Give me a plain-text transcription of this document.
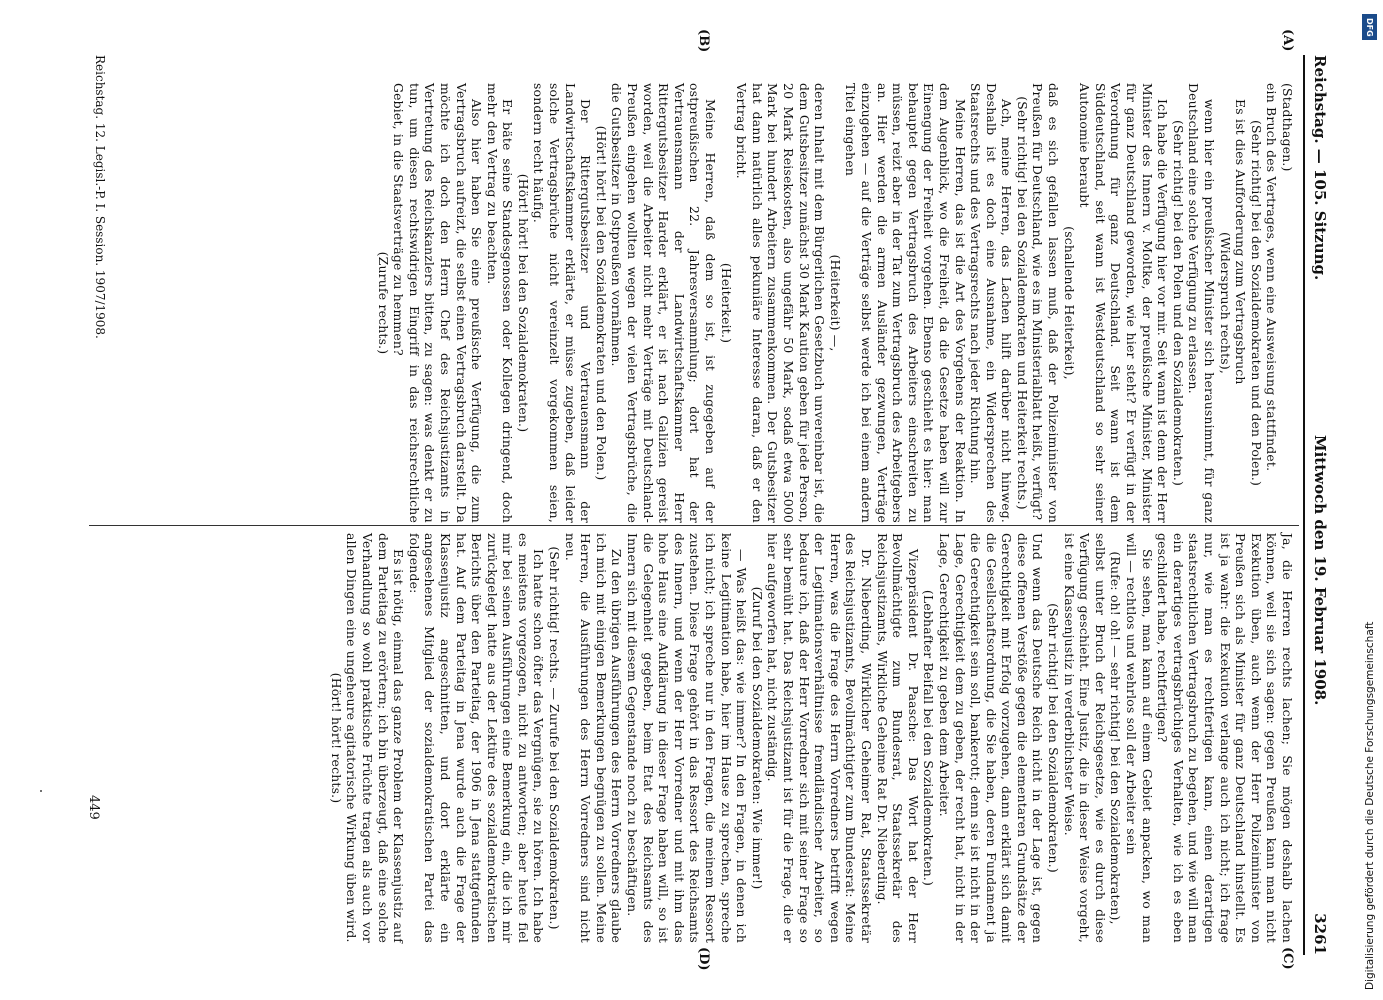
Reichstag. — 105. Sitzung.
Mittwoch den 19. Februar 1908.
3261
(A)
(B)
(C)
(D)

(Stadthagen.)

ein Bruch des Vertrages, wenn eine Ausweisung stattfindet.

(Sehr richtig! bei den Sozialdemokraten und den Polen.)

Es ist dies Aufforderung zum Vertragsbruch

(Widerspruch rechts),

wenn hier ein preußischer Minister sich herausnimmt, für ganz Deutschland eine solche Verfügung zu erlassen.

(Sehr richtig! bei den Polen und den Sozialdemokraten.)

Ich habe die Verfügung hier vor mir. Seit wann ist denn der Herr Minister des Innern v. Moltke, der preußische Minister, Minister für ganz Deutschland geworden, wie hier steht? Er verfügt in der Verordnung für ganz Deutschland. Seit wann ist dem Süddeutschland, seit wann ist Westdeutschland so sehr seiner Autonomie beraubt

(schallende Heiterkeit),

daß es sich gefallen lassen muß, daß der Polizeiminister von Preußen für Deutschland, wie es im Ministerialblatt heißt, verfügt?

(Sehr richtig! bei den Sozialdemokraten und Heiterkeit rechts.)

Ach, meine Herren, das Lachen hilft darüber nicht hinweg. Deshalb ist es doch eine Ausnahme, ein Widersprechen des Staatsrechts und des Vertragsrechts nach jeder Richtung hin.

Meine Herren, das ist die Art des Vorgehens der Reaktion. In dem Augenblick, wo die Freiheit, da die Gesetze haben will zur Einengung der Freiheit vorgehen. Ebenso geschieht es hier: man behauptet gegen Vertragsbruch des Arbeiters einschreiten zu müssen, reizt aber in der Tat zum Vertragsbruch des Arbeitgebers an. Hier werden die armen Ausländer gezwungen, Verträge einzugehen — auf die Verträge selbst werde ich bei einem andern Titel eingehen

(Heiterkeit) —,

deren Inhalt mit dem Bürgerlichen Gesetzbuch unvereinbar ist, die dem Gutsbesitzer zunächst 30 Mark Kaution geben für jede Person, 20 Mark Reisekosten, also ungefähr 50 Mark, sodaß etwa 5000 Mark bei hundert Arbeitern zusammenkommen. Der Gutsbesitzer hat dann natürlich alles pekuniäre Interesse daran, daß er den Vertrag bricht.

(Heiterkeit.)

Meine Herren, daß dem so ist, ist zugegeben auf der ostpreußischen 22. Jahresversammlung; dort hat der Vertrauensmann der Landwirtschaftskammer Herr Rittergutsbesitzer Harder erklärt, er ist nach Galizien gereist worden, weil die Arbeiter nicht mehr Verträge mit Deutschland-Preußen eingehen wollten wegen der vielen Vertragsbrüche, die die Gutsbesitzer in Ostpreußen vornähmen.

(Hört! hört! bei den Sozialdemokraten und den Polen.)

Der Rittergutsbesitzer und Vertrauensmann der Landwirtschaftskammer erklärte, er müsse zugeben, daß leider solche Vertragsbrüche nicht vereinzelt vorgekommen seien, sondern recht häufig.

(Hört! hört! bei den Sozialdemokraten.)

Er bäte seine Standesgenossen oder Kollegen dringend, doch mehr den Vertrag zu beachten.

Also hier haben Sie eine preußische Verfügung, die zum Vertragsbruch aufreizt, die selbst einen Vertragsbruch darstellt. Da möchte ich doch den Herrn Chef des Reichsjustizamts in Vertretung des Reichskanzlers bitten, zu sagen: was denkt er zu tun, um diesen rechtswidrigen Eingriff in das reichsrechtliche Gebiet, in die Staatsverträge zu hemmen?

(Zurufe rechts.)

Ja, die Herren rechts lachen; Sie mögen deshalb lachen können, weil sie sich sagen: gegen Preußen kann man nicht Exekution üben, auch wenn der Herr Polizeiminister von Preußen sich als Minister für ganz Deutschland hinstellt. Es ist ja wahr: die Exekution verlange auch ich nicht; ich frage nur, wie man es rechtfertigen kann, einen derartigen staatsrechtlichen Vertragsbruch zu begehen, und wie will man ein derartiges vertragsbrüchiges Verhalten, wie ich es eben geschildert habe, rechtfertigen?

Sie sehen, man kann auf einem Gebiet anpacken, wo man will — rechtlos und wehrlos soll der Arbeiter sein

(Rufe: oh! oh! — sehr richtig! bei den Sozialdemokraten),

selbst unter Bruch der Reichsgesetze, wie es durch diese Verfügung geschieht. Eine Justiz, die in dieser Weise vorgeht, ist eine Klassenjustiz in verderblichster Weise.

(Sehr richtig! bei den Sozialdemokraten.)

Und wenn das Deutsche Reich nicht in der Lage ist, gegen diese offenen Verstöße gegen die elementaren Grundsätze der Gerechtigkeit mit Erfolg vorzugehen, dann erklärt sich damit die Gesellschaftsordnung, die Sie haben, deren Fundament ja die Gerechtigkeit sein soll, bankerott; denn sie ist nicht in der Lage, Gerechtigkeit dem zu geben, der recht hat, nicht in der Lage, Gerechtigkeit zu geben dem Arbeiter.

(Lebhafter Beifall bei den Sozialdemokraten.)

Vizepräsident Dr. Paasche: Das Wort hat der Herr Bevollmächtigte zum Bundesrat, Staatssekretär des Reichsjustizamts, Wirkliche Geheime Rat Dr. Nieberding.

Dr. Nieberding, Wirklicher Geheimer Rat, Staatssekretär des Reichsjustizamts, Bevollmächtigter zum Bundesrat: Meine Herren, was die Frage des Herrn Vorredners betrifft wegen der Legitimationsverhältnisse fremdländischer Arbeiter, so bedaure ich, daß der Herr Vorredner sich mit seiner Frage so sehr bemüht hat. Das Reichsjustizamt ist für die Frage, die er hier aufgeworfen hat, nicht zuständig.

(Zuruf bei den Sozialdemokraten: Wie immer!)

— Was heißt das: wie immer? In den Fragen, in denen ich keine Legitimation habe, hier im Hause zu sprechen, spreche ich nicht; ich spreche nur in den Fragen, die meinem Ressort zustehen. Diese Frage gehört in das Ressort des Reichsamts des Innern, und wenn der Herr Vorredner und mit ihm das hohe Haus eine Aufklärung in dieser Frage haben will, so ist die Gelegenheit gegeben, beim Etat des Reichsamts des Innern sich mit diesem Gegenstande noch zu beschäftigen.

Zu den übrigen Ausführungen des Herrn Vorredners glaube ich mich mit einigen Bemerkungen begnügen zu sollen. Meine Herren, die Ausführungen des Herrn Vorredners sind nicht neu.

(Sehr richtig! rechts. — Zurufe bei den Sozialdemokraten.)

Ich hatte schon öfter das Vergnügen, sie zu hören. Ich habe es meistens vorgezogen, nicht zu antworten; aber heute fiel mir bei seinen Ausführungen eine Bemerkung ein, die ich mir zurückgelegt hatte aus der Lektüre des sozialdemokratischen Berichts über den Parteitag, der 1906 in Jena stattgefunden hat. Auf dem Parteitag in Jena wurde auch die Frage der Klassenjustiz angeschnitten, und dort erklärte ein angesehenes Mitglied der sozialdemokratischen Partei das folgende:

Es ist nötig, einmal das ganze Problem der Klassenjustiz auf dem Parteitag zu erörtern; ich bin überzeugt, daß eine solche Verhandlung so wohl praktische Früchte tragen als auch vor allen Dingen eine ungeheure agitatorische Wirkung üben wird.

(Hört! hört! rechts.)

Reichstag. 12. Legisl.-P. I. Session. 1907/1908.
449
DFG
Digitalisierung gefördert durch die Deutsche Forschungsgemeinschaft
